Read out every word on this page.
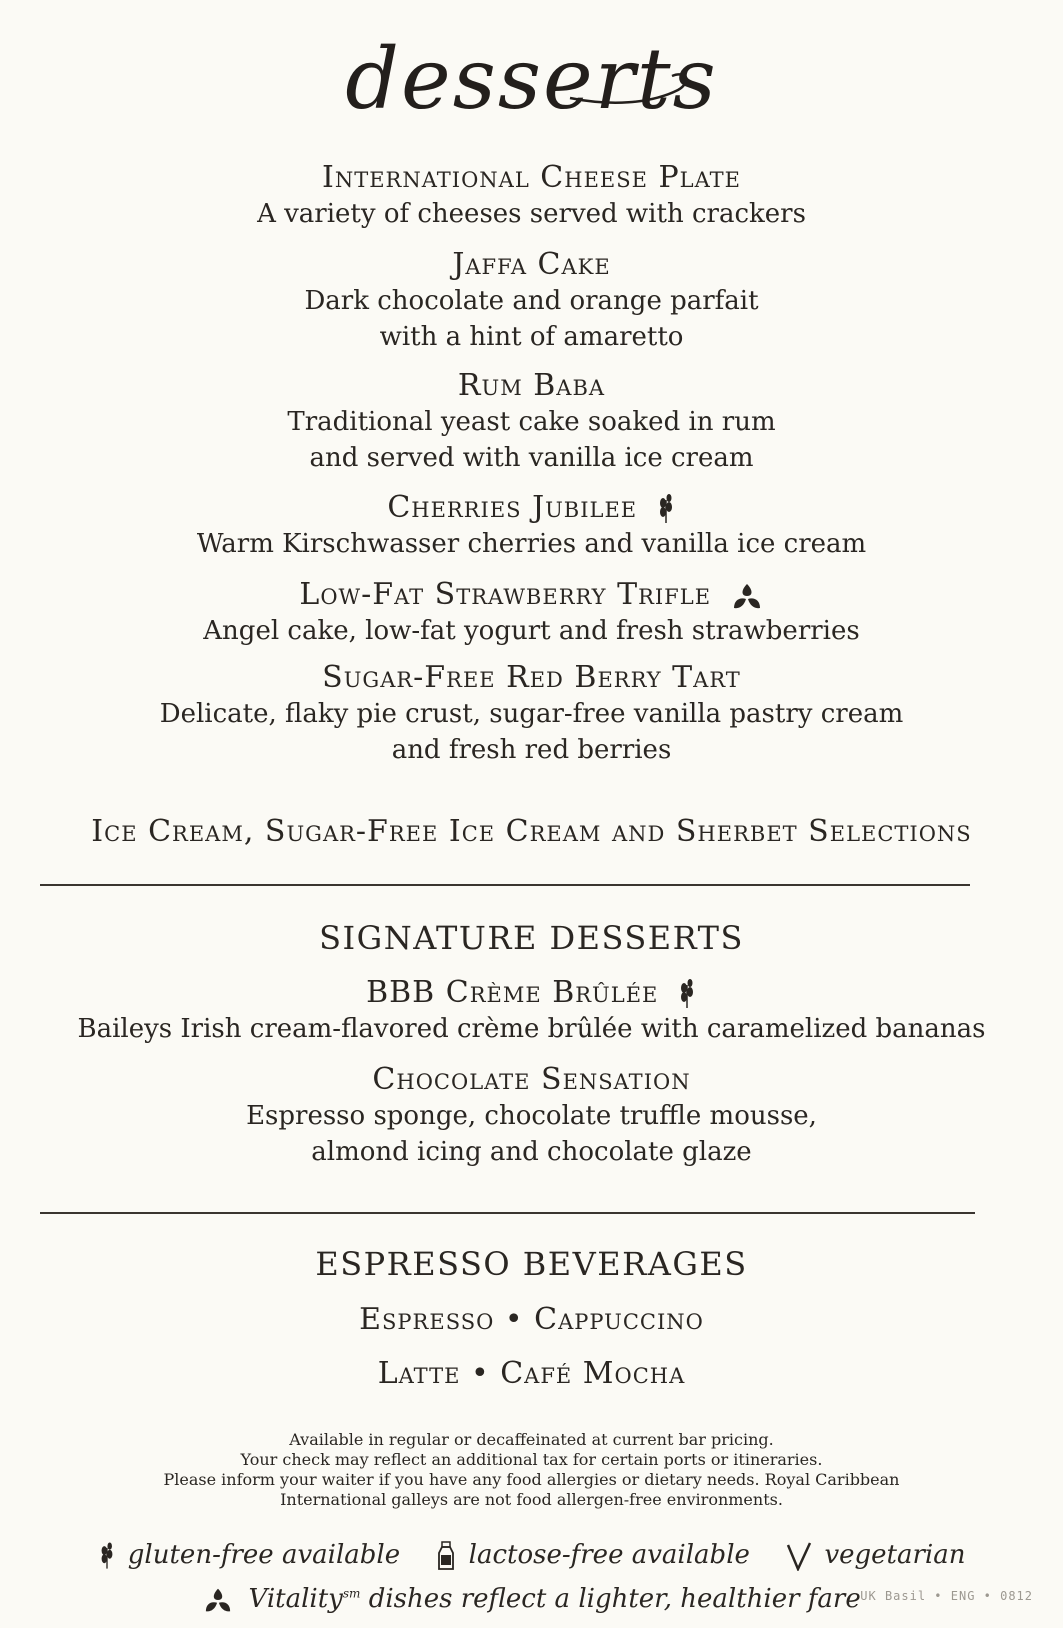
desserts
International Cheese Plate
A variety of cheeses served with crackers
Jaffa Cake
Dark chocolate and orange parfait
with a hint of amaretto
Rum Baba
Traditional yeast cake soaked in rum
and served with vanilla ice cream
Cherries Jubilee
Warm Kirschwasser cherries and vanilla ice cream
Low-Fat Strawberry Trifle
Angel cake, low-fat yogurt and fresh strawberries
Sugar-Free Red Berry Tart
Delicate, flaky pie crust, sugar-free vanilla pastry cream
and fresh red berries
Ice Cream, Sugar-Free Ice Cream and Sherbet Selections
SIGNATURE DESSERTS
BBB Crème Brûlée
Baileys Irish cream-flavored crème brûlée with caramelized bananas
Chocolate Sensation
Espresso sponge, chocolate truffle mousse,
almond icing and chocolate glaze
ESPRESSO BEVERAGES
Espresso • Cappuccino
Latte • Café Mocha
Available in regular or decaffeinated at current bar pricing.
Your check may reflect an additional tax for certain ports or itineraries.
Please inform your waiter if you have any food allergies or dietary needs. Royal Caribbean
International galleys are not food allergen-free environments.
gluten-free available	lactose-free available	vegetarian
Vitality$^{sm}$ dishes reflect a lighter, healthier fare UK Basil • ENG • 0812
